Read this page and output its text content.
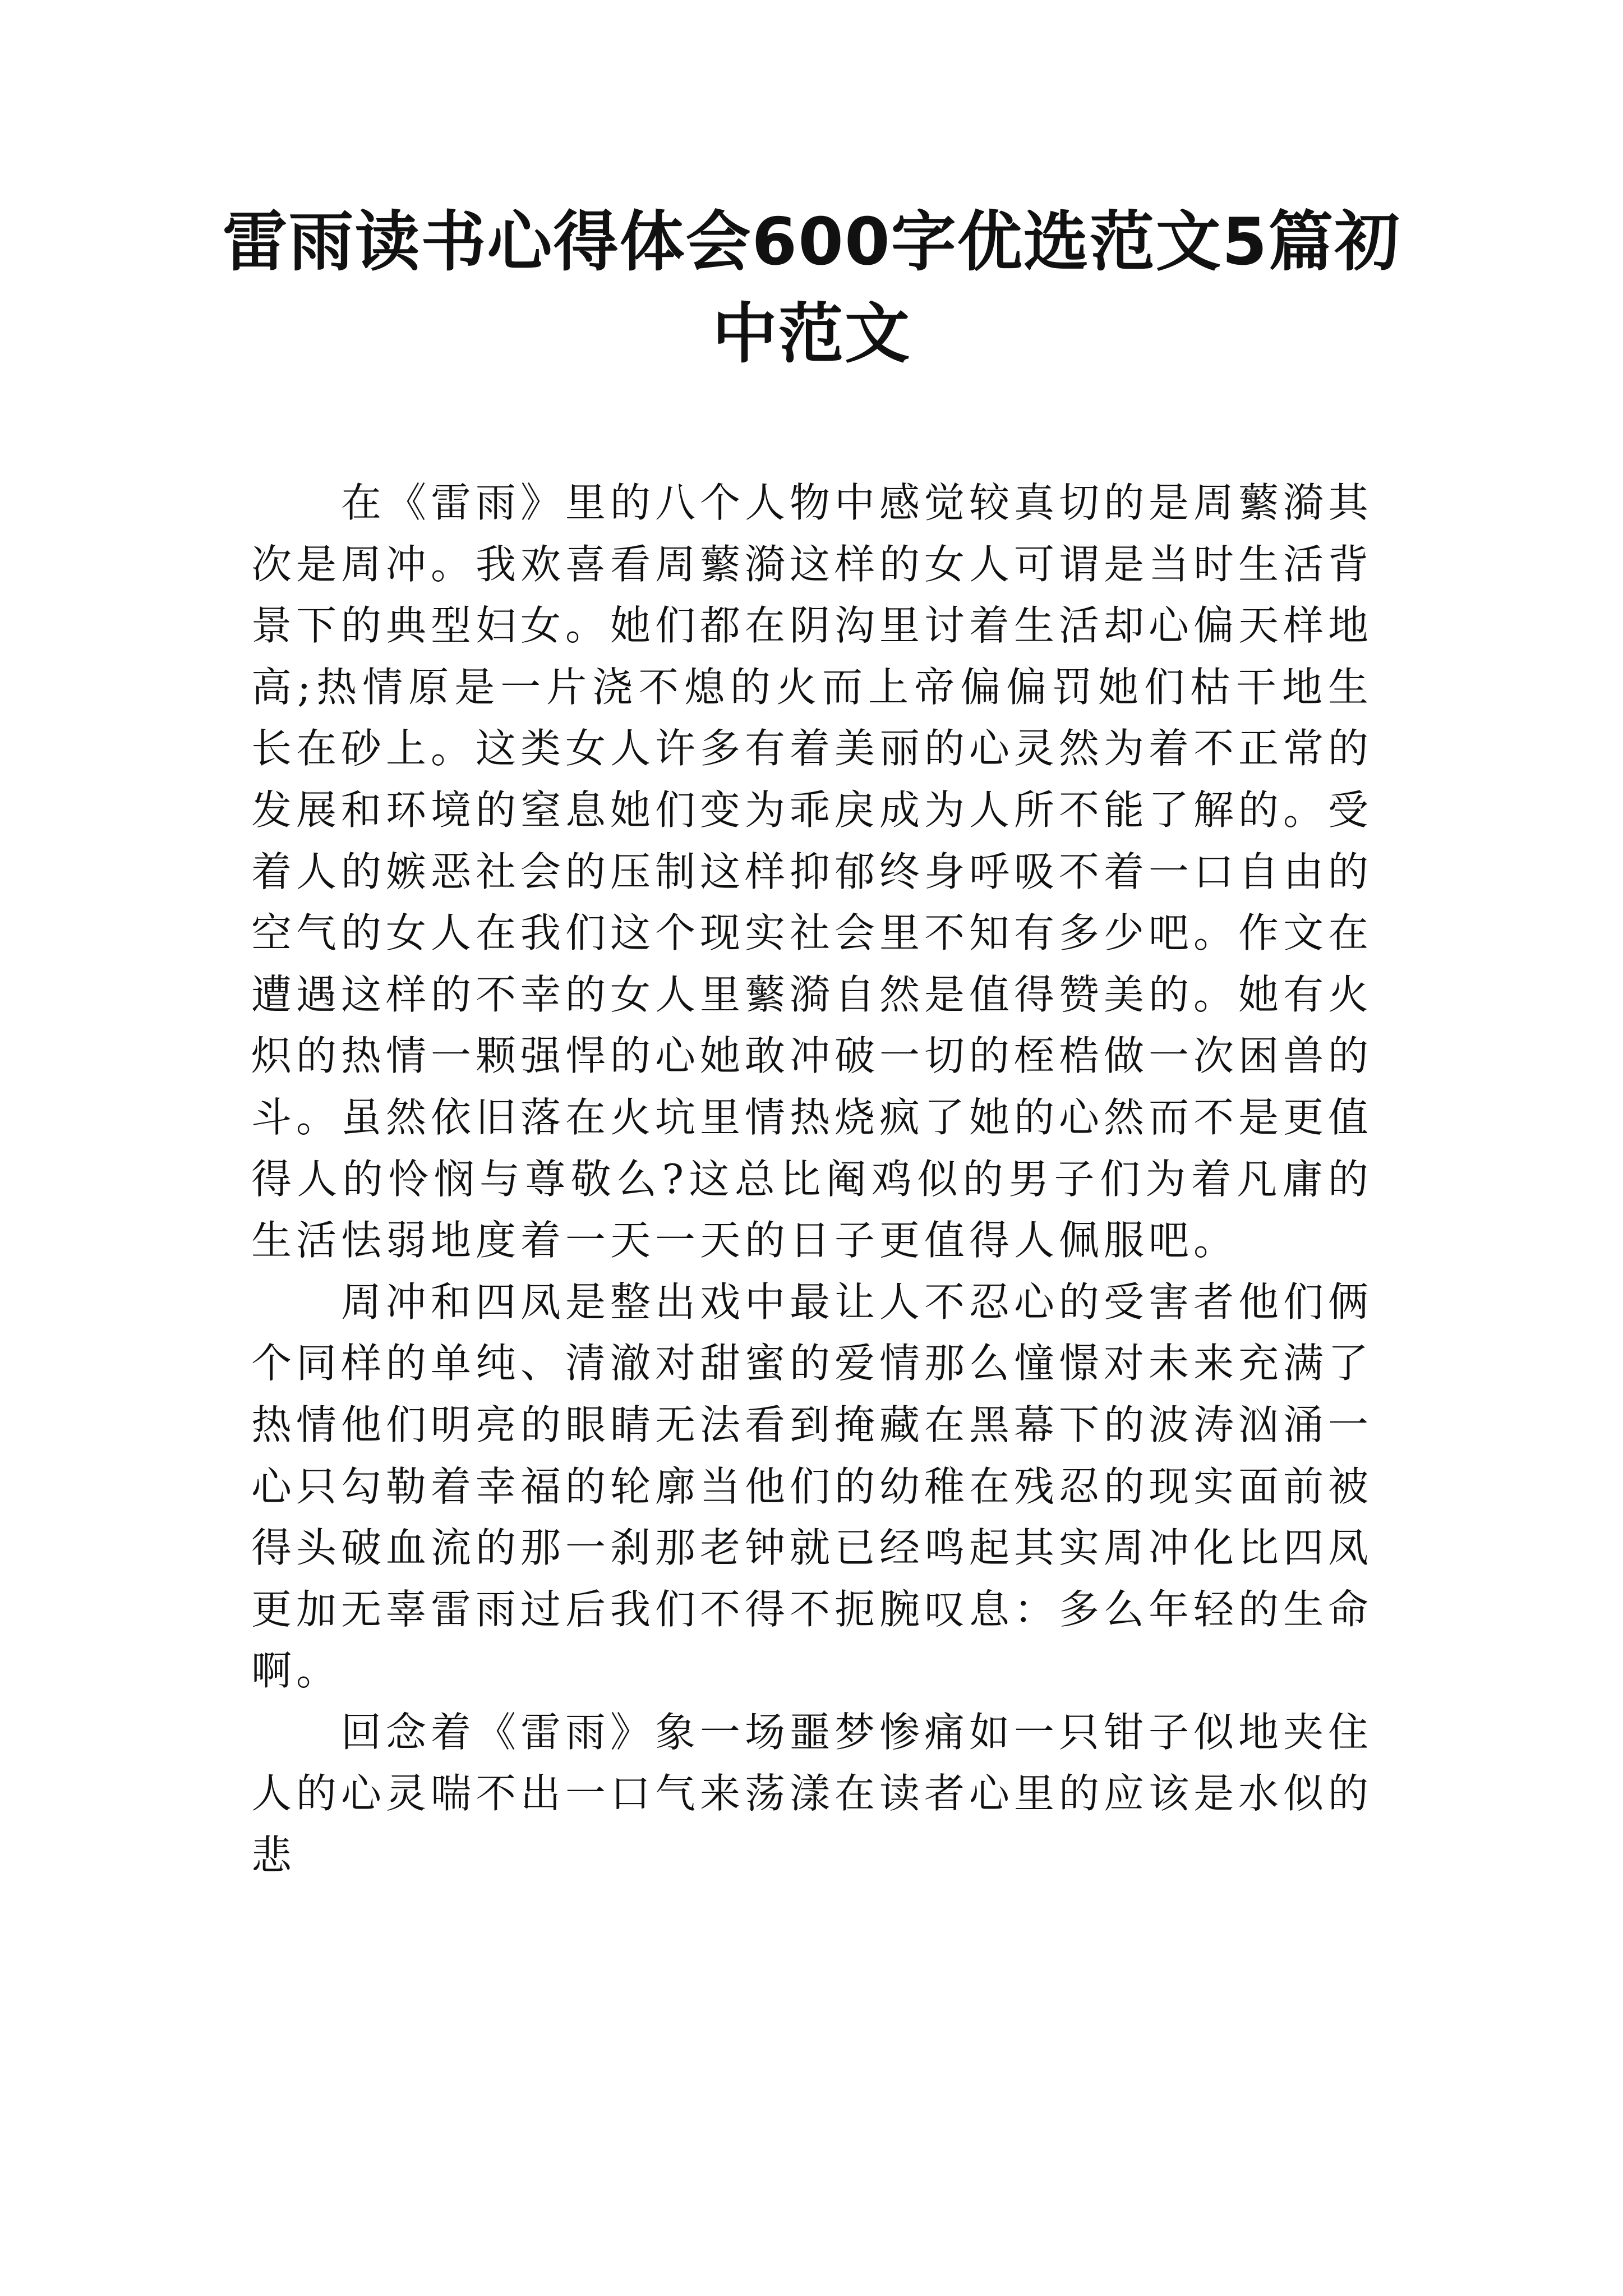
雷雨读书心得体会600字优选范文5篇初中范文

在《雷雨》里的八个人物中感觉较真切的是周蘩漪其次是周冲。我欢喜看周蘩漪这样的女人可谓是当时生活背景下的典型妇女。她们都在阴沟里讨着生活却心偏天样地高;热情原是一片浇不熄的火而上帝偏偏罚她们枯干地生长在砂上。这类女人许多有着美丽的心灵然为着不正常的发展和环境的窒息她们变为乖戾成为人所不能了解的。受着人的嫉恶社会的压制这样抑郁终身呼吸不着一口自由的空气的女人在我们这个现实社会里不知有多少吧。作文在遭遇这样的不幸的女人里蘩漪自然是值得赞美的。她有火炽的热情一颗强悍的心她敢冲破一切的桎梏做一次困兽的斗。虽然依旧落在火坑里情热烧疯了她的心然而不是更值得人的怜悯与尊敬么?这总比阉鸡似的男子们为着凡庸的生活怯弱地度着一天一天的日子更值得人佩服吧。

周冲和四凤是整出戏中最让人不忍心的受害者他们俩个同样的单纯、清澈对甜蜜的爱情那么憧憬对未来充满了热情他们明亮的眼睛无法看到掩藏在黑幕下的波涛汹涌一心只勾勒着幸福的轮廓当他们的幼稚在残忍的现实面前被得头破血流的那一刹那老钟就已经鸣起其实周冲化比四凤更加无辜雷雨过后我们不得不扼腕叹息：多么年轻的生命啊。

回念着《雷雨》象一场噩梦惨痛如一只钳子似地夹住人的心灵喘不出一口气来荡漾在读者心里的应该是水似的悲
